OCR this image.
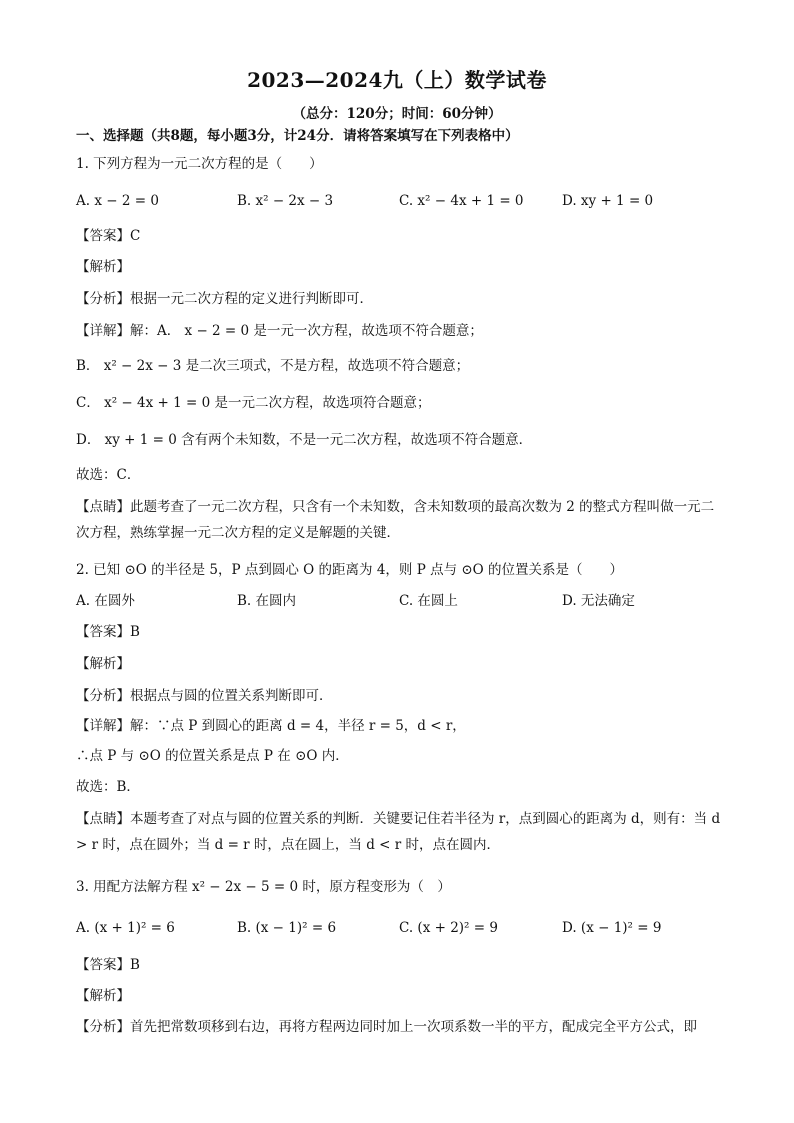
2023—2024九（上）数学试卷
（总分：120分；时间：60分钟）
一、选择题（共8题，每小题3分，计24分．请将答案填写在下列表格中）
1. 下列方程为一元二次方程的是（　　）
A. x − 2 = 0	B. x² − 2x − 3	C. x² − 4x + 1 = 0	D. xy + 1 = 0
【答案】C
【解析】
【分析】根据一元二次方程的定义进行判断即可．
【详解】解：A． x − 2 = 0 是一元一次方程，故选项不符合题意；
B． x² − 2x − 3 是二次三项式，不是方程，故选项不符合题意；
C． x² − 4x + 1 = 0 是一元二次方程，故选项符合题意；
D． xy + 1 = 0 含有两个未知数，不是一元二次方程，故选项不符合题意．
故选：C．
【点睛】此题考查了一元二次方程，只含有一个未知数，含未知数项的最高次数为 2 的整式方程叫做一元二次方程，熟练掌握一元二次方程的定义是解题的关键．
2. 已知 ⊙O 的半径是 5，P 点到圆心 O 的距离为 4，则 P 点与 ⊙O 的位置关系是（　　）
A. 在圆外	B. 在圆内	C. 在圆上	D. 无法确定
【答案】B
【解析】
【分析】根据点与圆的位置关系判断即可．
【详解】解：∵点 P 到圆心的距离 d = 4，半径 r = 5，d < r，
∴点 P 与 ⊙O 的位置关系是点 P 在 ⊙O 内．
故选：B．
【点睛】本题考查了对点与圆的位置关系的判断．关键要记住若半径为 r，点到圆心的距离为 d，则有：当 d > r 时，点在圆外；当 d = r 时，点在圆上，当 d < r 时，点在圆内．
3. 用配方法解方程 x² − 2x − 5 = 0 时，原方程变形为（　）
A. (x + 1)² = 6	B. (x − 1)² = 6	C. (x + 2)² = 9	D. (x − 1)² = 9
【答案】B
【解析】
【分析】首先把常数项移到右边，再将方程两边同时加上一次项系数一半的平方，配成完全平方公式，即
